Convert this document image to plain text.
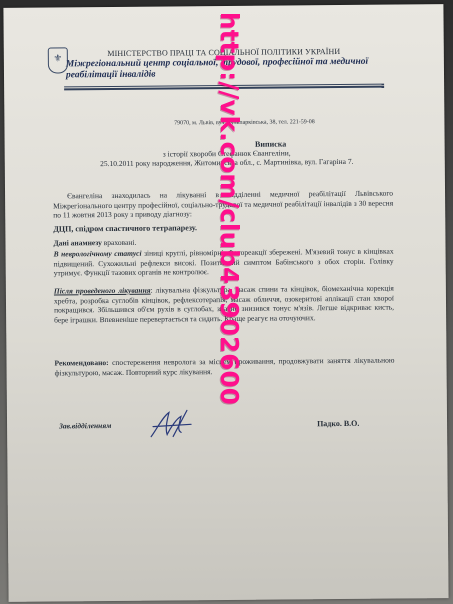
⚜
МІНІСТЕРСТВО ПРАЦІ ТА СОЦІАЛЬНОЇ ПОЛІТИКИ УКРАЇНИ
Міжрегіональний центр соціальної, трудової, професійної та медичної реабілітації інвалідів
79070, м. Львів, вул. Кульпарківська, 38, тел. 221-59-08
Виписка
з історії хвороби Стефанюк Євангеліни,
25.10.2011 року народження, Житомирська обл., с. Мартинівка, вул. Гагаріна 7.
Євангеліна знаходилась на лікуванні в відділенні медичної реабілітації Львівського Міжрегіонального центру професійної, соціально-трудової та медичної реабілітації інвалідів з 30 вересня по 11 жовтня 2013 року з приводу діагнозу:
ДЦП, спідром спастичного тетрапарезу.
Дані анамнезу враховані.
В неврологічному статусі зіниці круглі, рівномірні. Фотореакції збережені. М'язевий тонус в кінцівках підвищений. Сухожильні рефлекси високі. Позитивний симптом Бабінського з обох сторін. Голівку утримує. Функції тазових органів не контролює.
Після проведеного лікування: лікувальна фізкультура, масаж спини та кінцівок, біомеханічна корекція хребта, розробка суглобів кінцівок, рефлексотерапія, масаж обличчя, озокеритові аплікації стан хворої покращився. Збільшився об'єм рухів в суглобах, значно знизився тонус м'язів. Легше відкриває кисть, бере іграшки. Впевненіше перевертається та сидить. Краще реагує на оточуючих.
Рекомендовано: спостереження невролога за місцем проживання, продовжувати заняття лікувальною фізкультурою, масаж. Повторний курс лікування.
Зав.відділенням	Падко. В.О.
http://vk.com/club43902600
